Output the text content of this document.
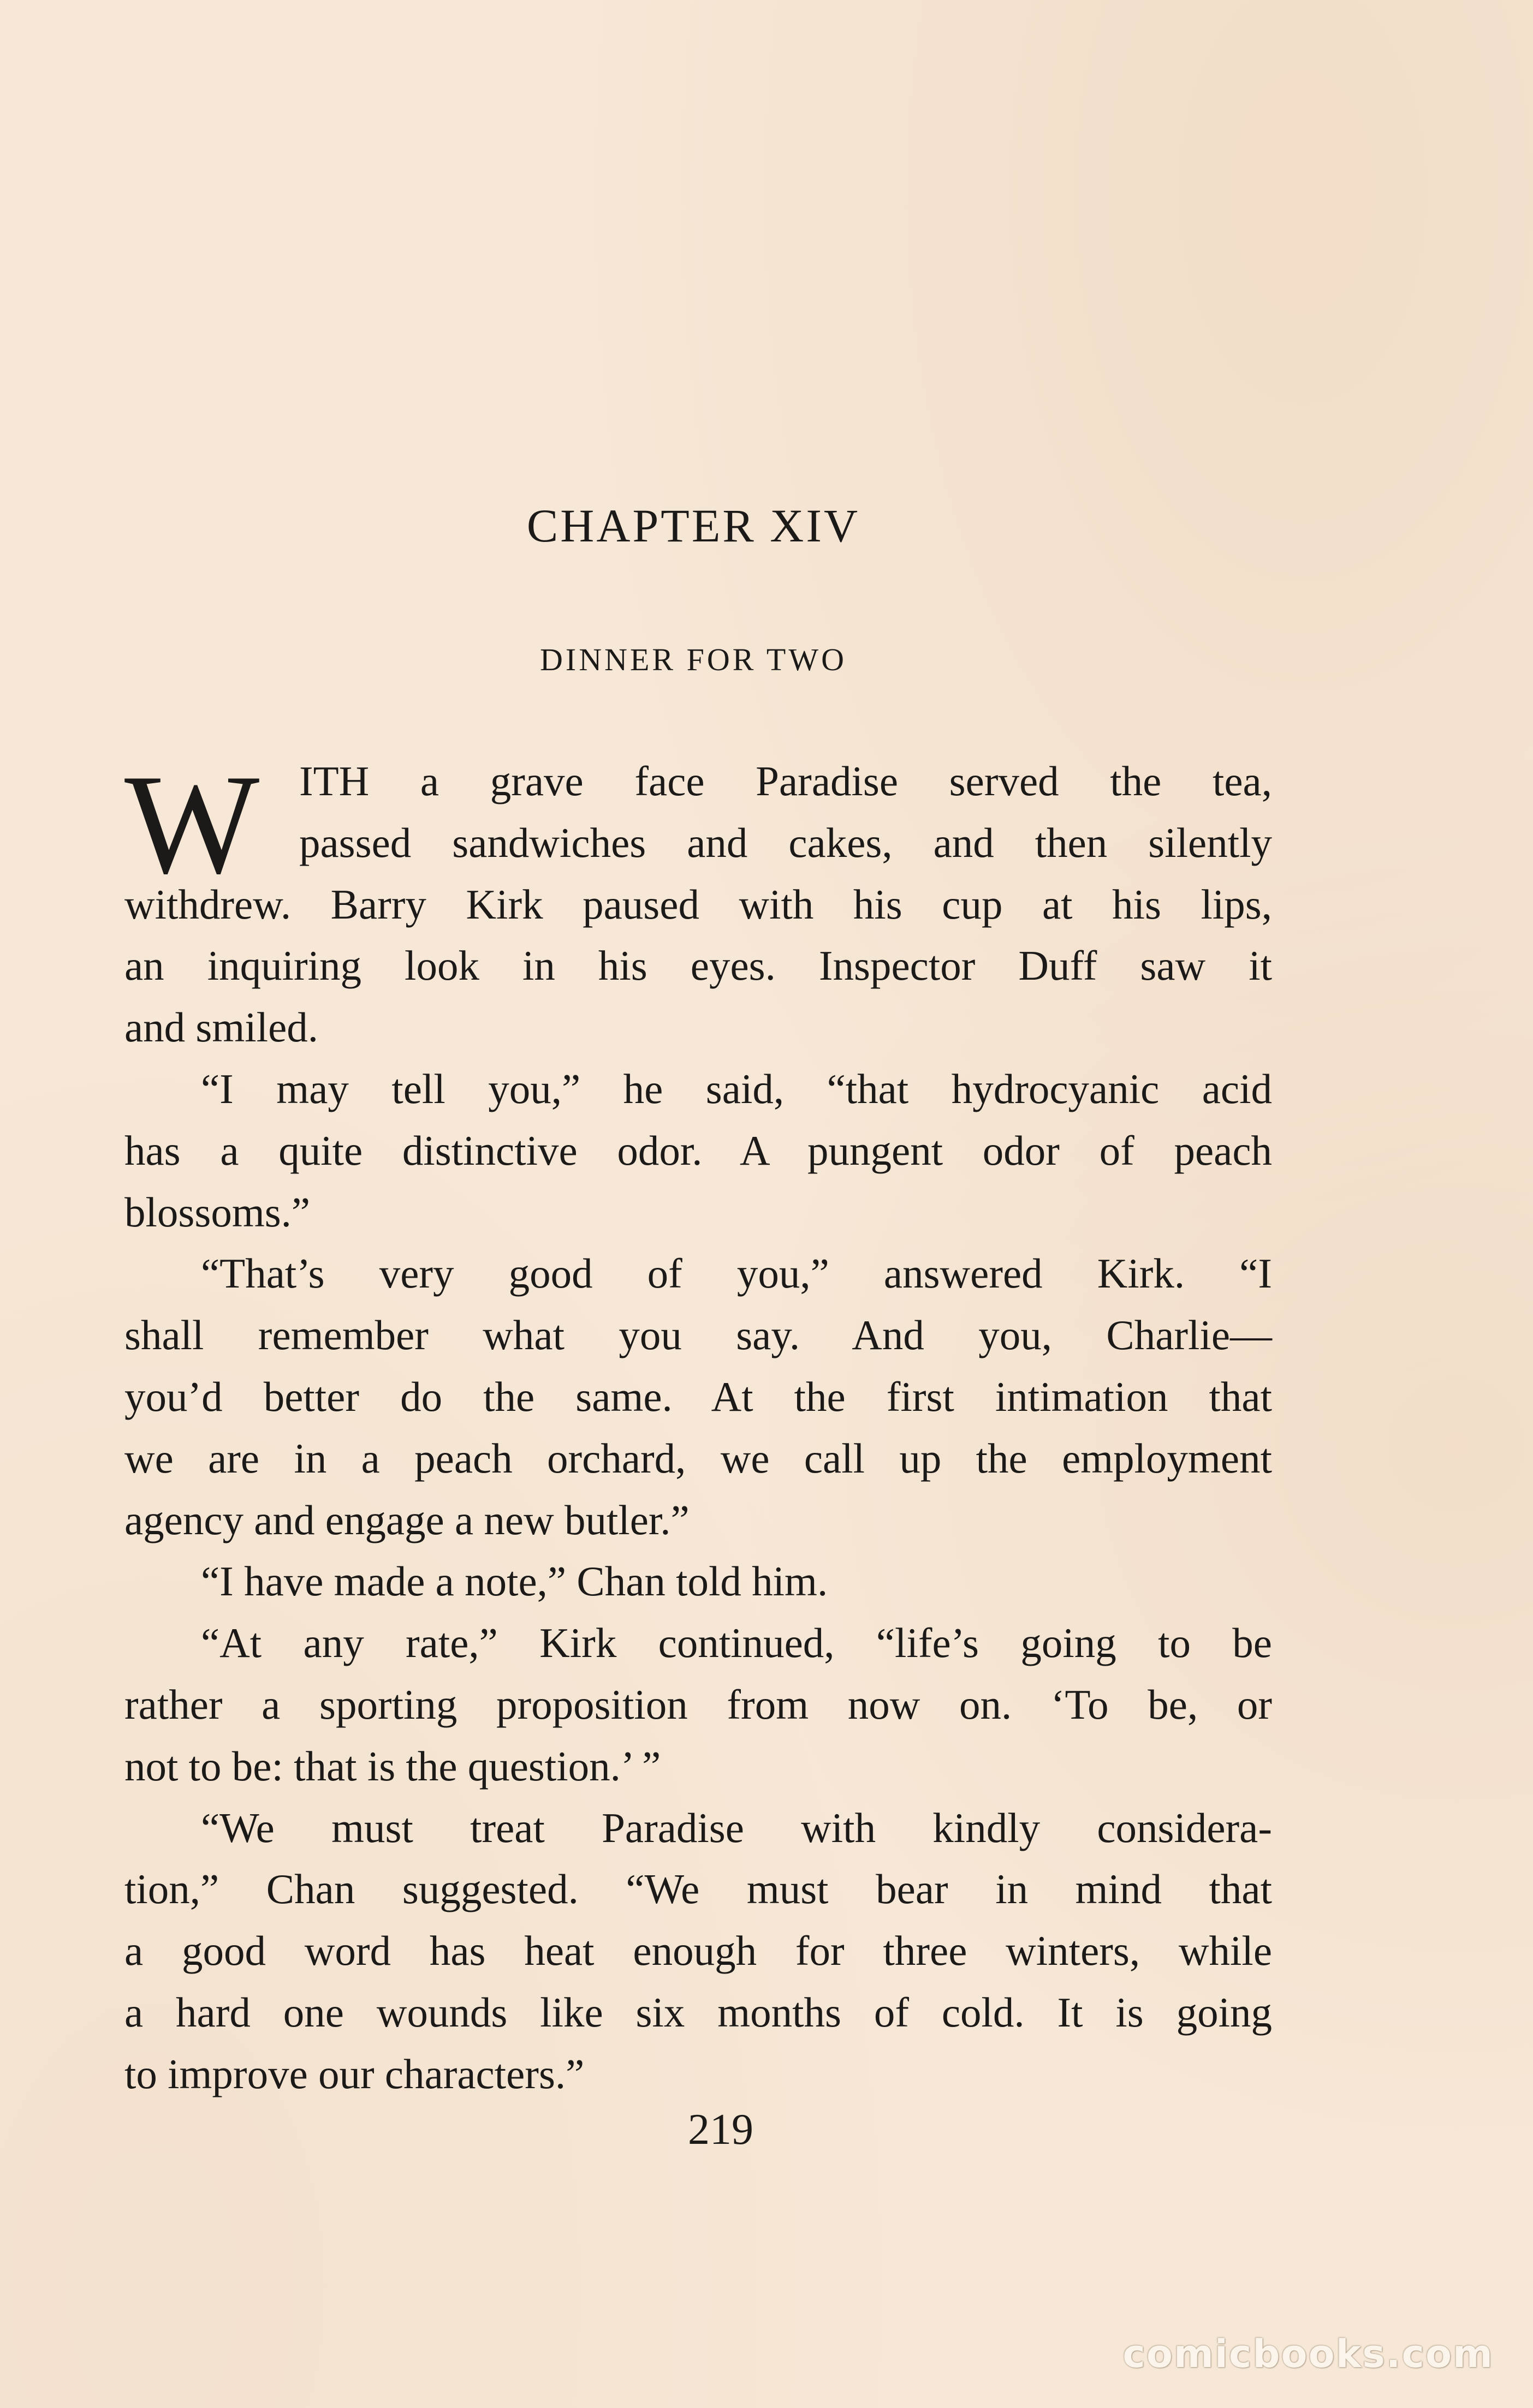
CHAPTER XIV
DINNER FOR TWO
W ITH a grave face Paradise served the tea,
passed sandwiches and cakes, and then silently
withdrew. Barry Kirk paused with his cup at his lips,
an inquiring look in his eyes. Inspector Duff saw it
and smiled.
“I may tell you,” he said, “that hydrocyanic acid
has a quite distinctive odor. A pungent odor of peach
blossoms.”
“That’s very good of you,” answered Kirk. “I
shall remember what you say. And you, Charlie—
you’d better do the same. At the first intimation that
we are in a peach orchard, we call up the employment
agency and engage a new butler.”
“I have made a note,” Chan told him.
“At any rate,” Kirk continued, “life’s going to be
rather a sporting proposition from now on. ‘To be, or
not to be: that is the question.’ ”
“We must treat Paradise with kindly considera-
tion,” Chan suggested. “We must bear in mind that
a good word has heat enough for three winters, while
a hard one wounds like six months of cold. It is going
to improve our characters.”
219
comicbooks.com
